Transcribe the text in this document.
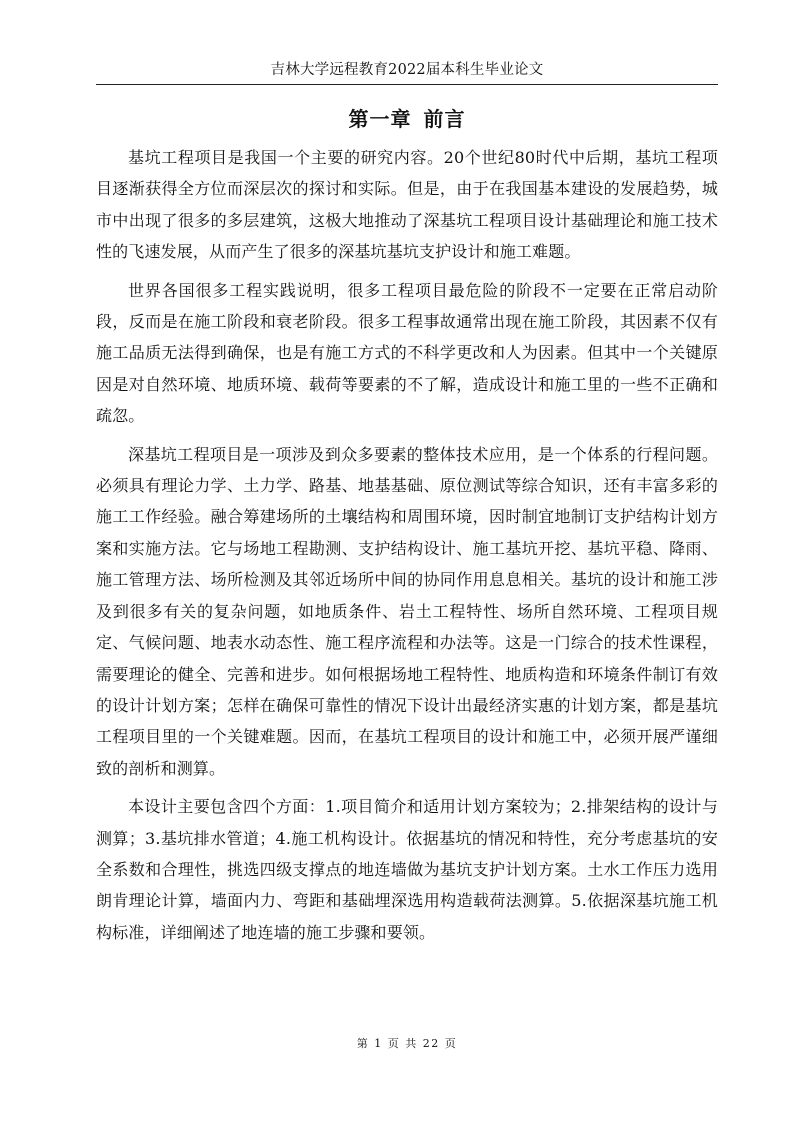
吉林大学远程教育2022届本科生毕业论文
第一章 前言

基坑工程项目是我国一个主要的研究内容。20个世纪80时代中后期，基坑工程项目逐渐获得全方位而深层次的探讨和实际。但是，由于在我国基本建设的发展趋势，城市中出现了很多的多层建筑，这极大地推动了深基坑工程项目设计基础理论和施工技术性的飞速发展，从而产生了很多的深基坑基坑支护设计和施工难题。

世界各国很多工程实践说明，很多工程项目最危险的阶段不一定要在正常启动阶段，反而是在施工阶段和衰老阶段。很多工程事故通常出现在施工阶段，其因素不仅有施工品质无法得到确保，也是有施工方式的不科学更改和人为因素。但其中一个关键原因是对自然环境、地质环境、载荷等要素的不了解，造成设计和施工里的一些不正确和疏忽。

深基坑工程项目是一项涉及到众多要素的整体技术应用，是一个体系的行程问题。必须具有理论力学、土力学、路基、地基基础、原位测试等综合知识，还有丰富多彩的施工工作经验。融合筹建场所的土壤结构和周围环境，因时制宜地制订支护结构计划方案和实施方法。它与场地工程勘测、支护结构设计、施工基坑开挖、基坑平稳、降雨、施工管理方法、场所检测及其邻近场所中间的协同作用息息相关。基坑的设计和施工涉及到很多有关的复杂问题，如地质条件、岩土工程特性、场所自然环境、工程项目规定、气候问题、地表水动态性、施工程序流程和办法等。这是一门综合的技术性课程，需要理论的健全、完善和进步。如何根据场地工程特性、地质构造和环境条件制订有效的设计计划方案；怎样在确保可靠性的情况下设计出最经济实惠的计划方案，都是基坑工程项目里的一个关键难题。因而，在基坑工程项目的设计和施工中，必须开展严谨细致的剖析和测算。

本设计主要包含四个方面：1.项目简介和适用计划方案较为；2.排架结构的设计与测算；3.基坑排水管道；4.施工机构设计。依据基坑的情况和特性，充分考虑基坑的安全系数和合理性，挑选四级支撑点的地连墙做为基坑支护计划方案。土水工作压力选用朗肯理论计算，墙面内力、弯距和基础埋深选用构造载荷法测算。5.依据深基坑施工机构标准，详细阐述了地连墙的施工步骤和要领。

第 1 页 共 22 页
